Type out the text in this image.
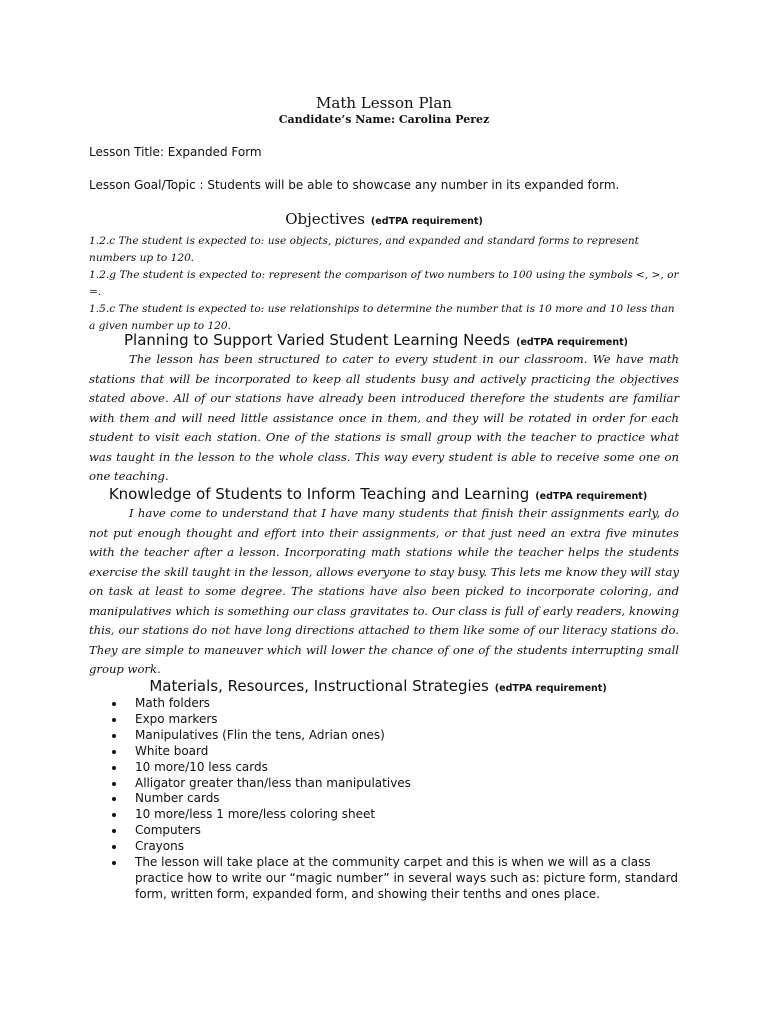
Math Lesson Plan
Candidate’s Name: Carolina Perez
Lesson Title: Expanded Form
Lesson Goal/Topic : Students will be able to showcase any number in its expanded form.
Objectives (edTPA requirement)

1.2.c The student is expected to: use objects, pictures, and expanded and standard forms to represent numbers up to 120.

1.2.g The student is expected to: represent the comparison of two numbers to 100 using the symbols <, >, or =.

1.5.c The student is expected to: use relationships to determine the number that is 10 more and 10 less than a given number up to 120.

Planning to Support Varied Student Learning Needs (edTPA requirement)
The lesson has been structured to cater to every student in our classroom. We have math stations that will be incorporated to keep all students busy and actively practicing the objectives stated above. All of our stations have already been introduced therefore the students are familiar with them and will need little assistance once in them, and they will be rotated in order for each student to visit each station. One of the stations is small group with the teacher to practice what was taught in the lesson to the whole class. This way every student is able to receive some one on one teaching.
Knowledge of Students to Inform Teaching and Learning (edTPA requirement)
I have come to understand that I have many students that finish their assignments early, do not put enough thought and effort into their assignments, or that just need an extra five minutes with the teacher after a lesson. Incorporating math stations while the teacher helps the students exercise the skill taught in the lesson, allows everyone to stay busy. This lets me know they will stay on task at least to some degree. The stations have also been picked to incorporate coloring, and manipulatives which is something our class gravitates to. Our class is full of early readers, knowing this, our stations do not have long directions attached to them like some of our literacy stations do. They are simple to maneuver which will lower the chance of one of the students interrupting small group work.
Materials, Resources, Instructional Strategies (edTPA requirement)
Math folders
Expo markers
Manipulatives (Flin the tens, Adrian ones)
White board
10 more/10 less cards
Alligator greater than/less than manipulatives
Number cards
10 more/less 1 more/less coloring sheet
Computers
Crayons
The lesson will take place at the community carpet and this is when we will as a class practice how to write our “magic number” in several ways such as: picture form, standard form, written form, expanded form, and showing their tenths and ones place.
